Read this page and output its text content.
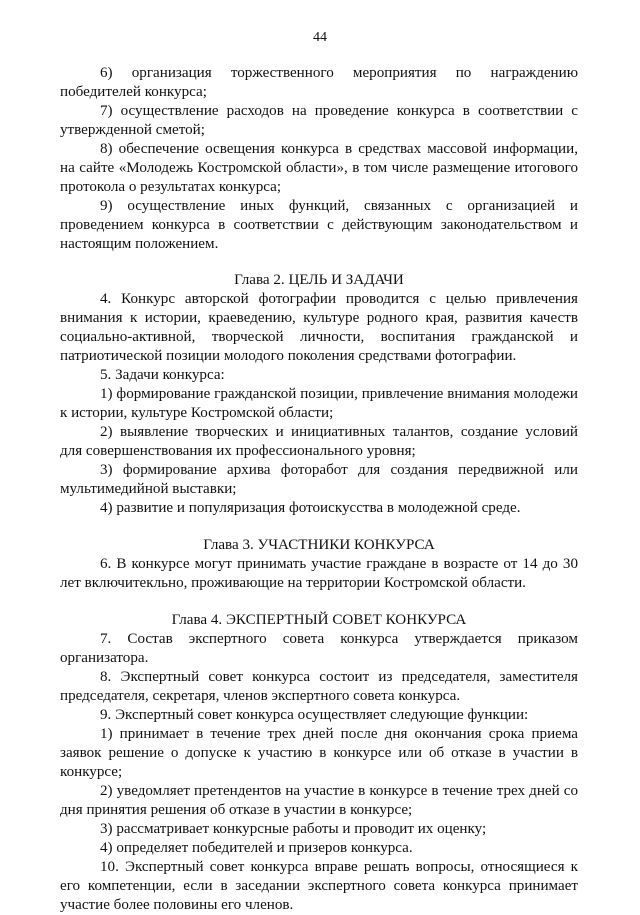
44

6) организация торжественного мероприятия по награждению победителей конкурса;

7) осуществление расходов на проведение конкурса в соответствии с утвержденной сметой;

8) обеспечение освещения конкурса в средствах массовой информации, на сайте «Молодежь Костромской области», в том числе размещение итогового протокола о результатах конкурса;

9) осуществление иных функций, связанных с организацией и проведением конкурса в соответствии с действующим законодательством и настоящим положением.

Глава 2. ЦЕЛЬ И ЗАДАЧИ

4. Конкурс авторской фотографии проводится с целью привлечения внимания к истории, краеведению, культуре родного края, развития качеств социально-активной, творческой личности, воспитания гражданской и патриотической позиции молодого поколения средствами фотографии.

5. Задачи конкурса:

1) формирование гражданской позиции, привлечение внимания молодежи к истории, культуре Костромской области;

2) выявление творческих и инициативных талантов, создание условий для совершенствования их профессионального уровня;

3) формирование архива фоторабот для создания передвижной или мультимедийной выставки;

4) развитие и популяризация фотоискусства в молодежной среде.

Глава 3. УЧАСТНИКИ КОНКУРСА

6. В конкурсе могут принимать участие граждане в возрасте от 14 до 30 лет включитекльно, проживающие на территории Костромской области.

Глава 4. ЭКСПЕРТНЫЙ СОВЕТ КОНКУРСА

7. Состав экспертного совета конкурса утверждается приказом организатора.

8. Экспертный совет конкурса состоит из председателя, заместителя председателя, секретаря, членов экспертного совета конкурса.

9. Экспертный совет конкурса осуществляет следующие функции:

1) принимает в течение трех дней после дня окончания срока приема заявок решение о допуске к участию в конкурсе или об отказе в участии в конкурсе;

2) уведомляет претендентов на участие в конкурсе в течение трех дней со дня принятия решения об отказе в участии в конкурсе;

3) рассматривает конкурсные работы и проводит их оценку;

4) определяет победителей и призеров конкурса.

10. Экспертный совет конкурса вправе решать вопросы, относящиеся к его компетенции, если в заседании экспертного совета конкурса принимает участие более половины его членов.
